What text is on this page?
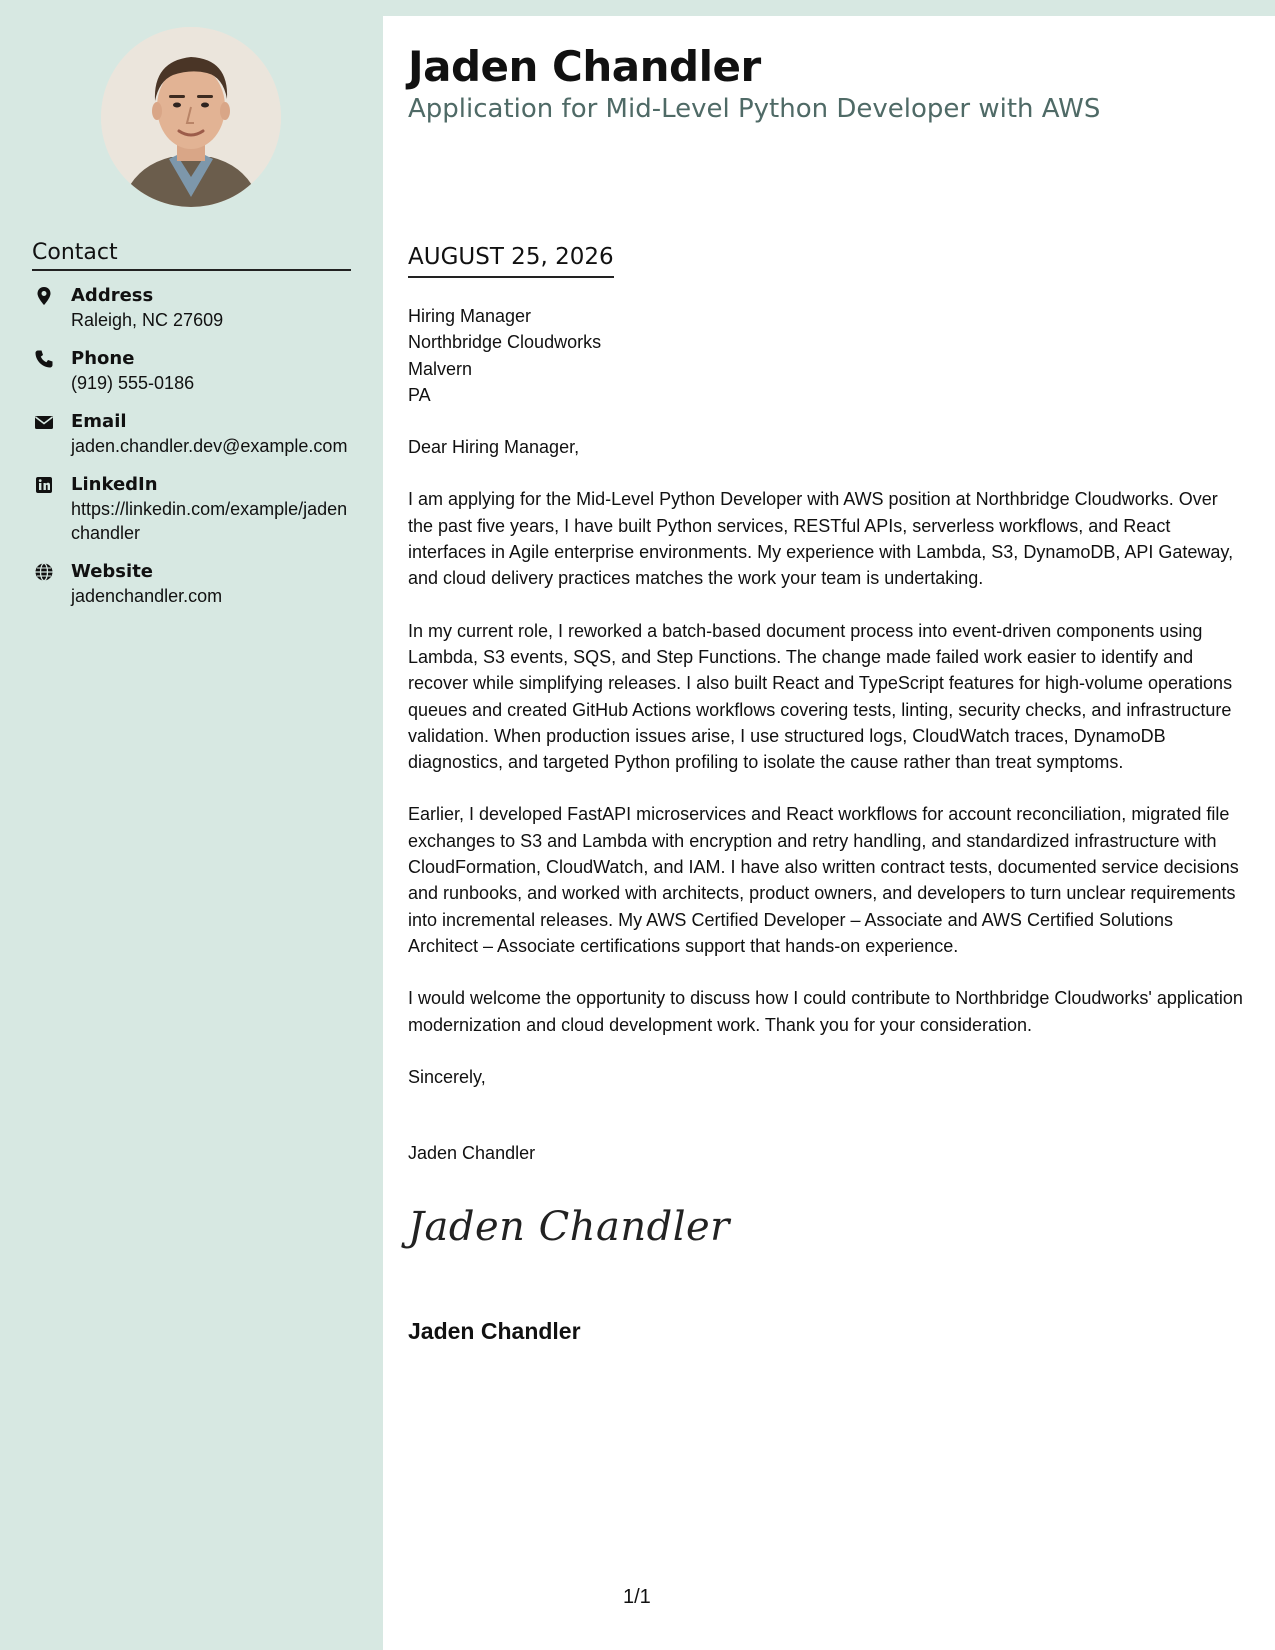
Contact
Address
Raleigh, NC 27609
Phone
(919) 555-0186
Email
jaden.chandler.dev@example.com
LinkedIn
https://linkedin.com/example/jadenchandler
Website
jadenchandler.com
Jaden Chandler
Application for Mid-Level Python Developer with AWS
AUGUST 25, 2026
Hiring Manager
Northbridge Cloudworks
Malvern
PA

Dear Hiring Manager,

I am applying for the Mid-Level Python Developer with AWS position at Northbridge Cloudworks. Over the past five years, I have built Python services, RESTful APIs, serverless workflows, and React interfaces in Agile enterprise environments. My experience with Lambda, S3, DynamoDB, API Gateway, and cloud delivery practices matches the work your team is undertaking.

In my current role, I reworked a batch-based document process into event-driven components using Lambda, S3 events, SQS, and Step Functions. The change made failed work easier to identify and recover while simplifying releases. I also built React and TypeScript features for high-volume operations queues and created GitHub Actions workflows covering tests, linting, security checks, and infrastructure validation. When production issues arise, I use structured logs, CloudWatch traces, DynamoDB diagnostics, and targeted Python profiling to isolate the cause rather than treat symptoms.

Earlier, I developed FastAPI microservices and React workflows for account reconciliation, migrated file exchanges to S3 and Lambda with encryption and retry handling, and standardized infrastructure with CloudFormation, CloudWatch, and IAM. I have also written contract tests, documented service decisions and runbooks, and worked with architects, product owners, and developers to turn unclear requirements into incremental releases. My AWS Certified Developer – Associate and AWS Certified Solutions Architect – Associate certifications support that hands-on experience.

I would welcome the opportunity to discuss how I could contribute to Northbridge Cloudworks' application modernization and cloud development work. Thank you for your consideration.

Sincerely,

Jaden Chandler

Jaden Chandler
Jaden Chandler
1/1
